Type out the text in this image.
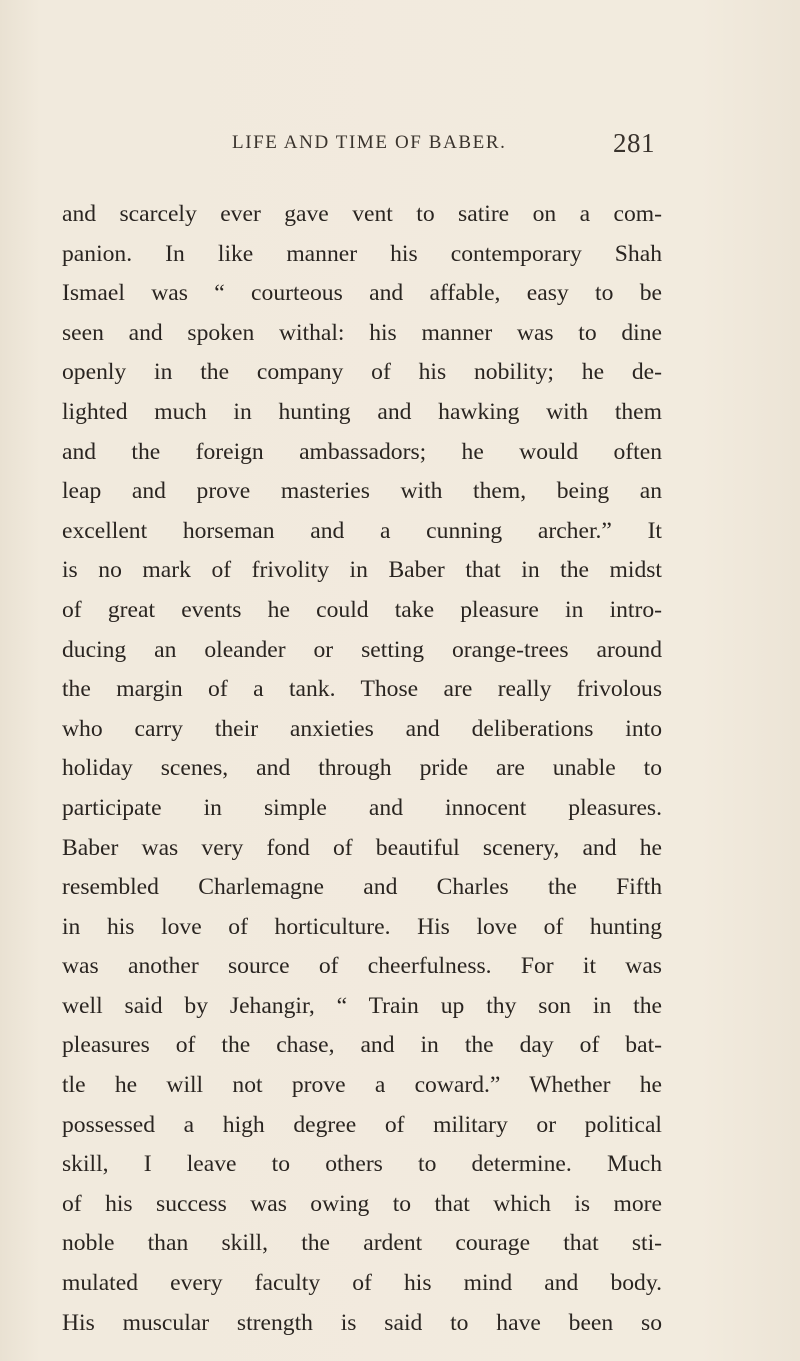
LIFE AND TIME OF BABER.	281
and scarcely ever gave vent to satire on a com-
panion. In like manner his contemporary Shah
Ismael was “ courteous and affable, easy to be
seen and spoken withal: his manner was to dine
openly in the company of his nobility; he de-
lighted much in hunting and hawking with them
and the foreign ambassadors; he would often
leap and prove masteries with them, being an
excellent horseman and a cunning archer.” It
is no mark of frivolity in Baber that in the midst
of great events he could take pleasure in intro-
ducing an oleander or setting orange-trees around
the margin of a tank. Those are really frivolous
who carry their anxieties and deliberations into
holiday scenes, and through pride are unable to
participate in simple and innocent pleasures.
Baber was very fond of beautiful scenery, and he
resembled Charlemagne and Charles the Fifth
in his love of horticulture. His love of hunting
was another source of cheerfulness. For it was
well said by Jehangir, “ Train up thy son in the
pleasures of the chase, and in the day of bat-
tle he will not prove a coward.” Whether he
possessed a high degree of military or political
skill, I leave to others to determine. Much
of his success was owing to that which is more
noble than skill, the ardent courage that sti-
mulated every faculty of his mind and body.
His muscular strength is said to have been so
